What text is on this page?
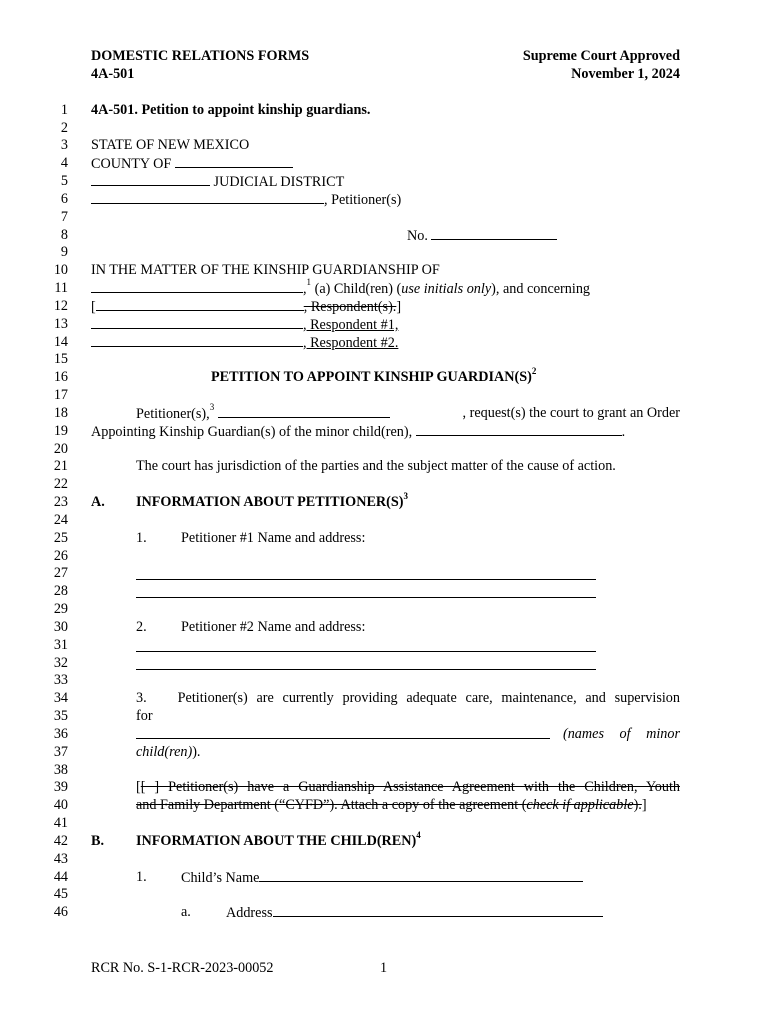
DOMESTIC RELATIONS FORMS
4A-501
Supreme Court Approved
November 1, 2024
1
2
3
4
5
6
7
8
9
10
11
12
13
14
15
16
17
18
19
20
21
22
23
24
25
26
27
28
29
30
31
32
33
34
35
36
37
38
39
40
41
42
43
44
45
46
4A-501. Petition to appoint kinship guardians.
STATE OF NEW MEXICO
COUNTY OF
JUDICIAL DISTRICT
, Petitioner(s)
No.
IN THE MATTER OF THE KINSHIP GUARDIANSHIP OF
,$^1$ (a) Child(ren) (use initials only), and concerning
[	, Respondent(s).]
, Respondent #1,
, Respondent #2.
PETITION TO APPOINT KINSHIP $GUARDIAN(S)^2$
Petitioner(s),$^3$	, request(s) the court to grant an Order
Appointing Kinship Guardian(s) of the minor child(ren),	.
The court has jurisdiction of the parties and the subject matter of the cause of action.
A. INFORMATION ABOUT $PETITIONER(S)^3$
1. Petitioner #1 Name and address:
2. Petitioner #2 Name and address:
3. Petitioner(s) are currently providing adequate care, maintenance, and supervision
for
(names of minor
child(ren)).
[ [ ] Petitioner(s) have a Guardianship Assistance Agreement with the Children, Youth
and Family Department (“CYFD”). Attach a copy of the agreement (check if applicable).]
B. INFORMATION ABOUT THE CHILD(REN)$^4$
1. Child’s Name
a. Address
RCR No. S-1-RCR-2023-00052	1
